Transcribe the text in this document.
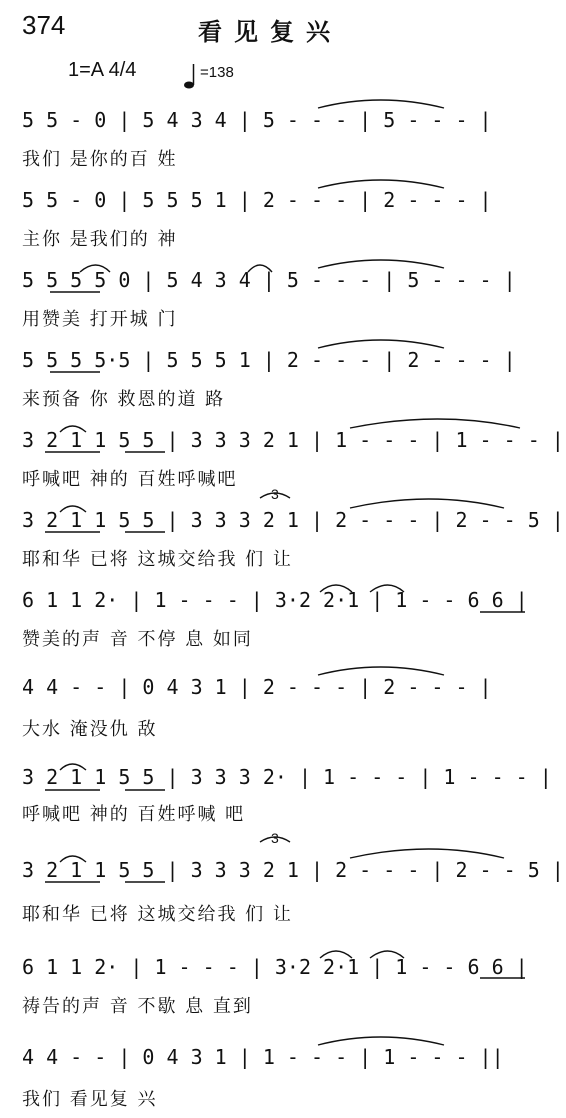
374	看见复兴
1=A 4/4	=138
5 5 - 0 | 5 4 3 4 | 5 - - - | 5 - - - |
我们 是你的百 姓
5 5 - 0 | 5 5 5 1 | 2 - - - | 2 - - - |
主你 是我们的 神
5 5 5 5 0 | 5 4 3 4 | 5 - - - | 5 - - - |
用赞美 打开城 门
5 5 5 5·5 | 5 5 5 1 | 2 - - - | 2 - - - |
来预备 你 救恩的道 路
3 2 1 1 5 5 | 3 3 3 2 1 | 1 - - - | 1 - - - |
呼喊吧 神的 百姓呼喊吧
3 2 1 1 5 5 | 3 3 3 2 1 | 2 - - - | 2 - - 5 |
耶和华 已将 这城交给我 们 让
6 1 1 2· | 1 - - - | 3·2 2·1 | 1 - - 6 6 |
赞美的声 音 不停 息 如同
4 4 - - | 0 4 3 1 | 2 - - - | 2 - - - |
大水 淹没仇 敌
3 2 1 1 5 5 | 3 3 3 2· | 1 - - - | 1 - - - |
呼喊吧 神的 百姓呼喊 吧
3 2 1 1 5 5 | 3 3 3 2 1 | 2 - - - | 2 - - 5 |
耶和华 已将 这城交给我 们 让
6 1 1 2· | 1 - - - | 3·2 2·1 | 1 - - 6 6 |
祷告的声 音 不歇 息 直到
4 4 - - | 0 4 3 1 | 1 - - - | 1 - - - ||
我们 看见复 兴
3
3
